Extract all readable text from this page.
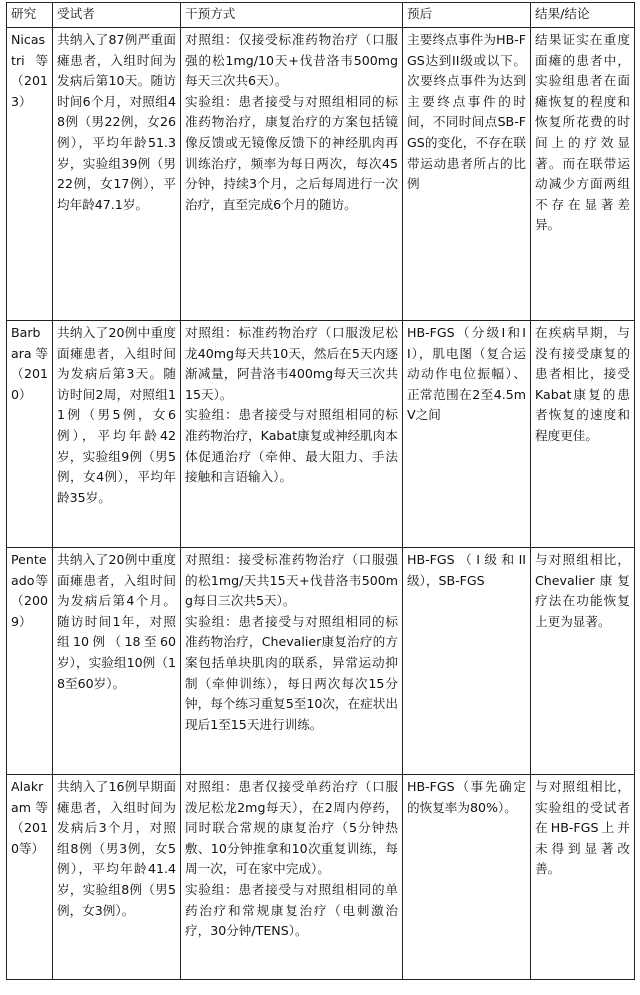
研究	受试者	干预方式	预后	结果/结论
Nicastri等（2013）	共纳入了87例严重面瘫患者，入组时间为发病后第10天。随访时间6个月，对照组48例（男22例，女26例），平均年龄51.3岁，实验组39例（男22例，女17例），平均年龄47.1岁。	对照组：仅接受标准药物治疗（口服强的松1mg/10天+伐昔洛韦500mg每天三次共6天）。
实验组：患者接受与对照组相同的标准药物治疗，康复治疗的方案包括镜像反馈或无镜像反馈下的神经肌肉再训练治疗，频率为每日两次，每次45分钟，持续3个月，之后每周进行一次治疗，直至完成6个月的随访。	主要终点事件为HB-FGS达到II级或以下。次要终点事件为达到主要终点事件的时间，不同时间点SB-FGS的变化，不存在联带运动患者所占的比例	结果证实在重度面瘫的患者中，实验组患者在面瘫恢复的程度和恢复所花费的时间上的疗效显著。而在联带运动减少方面两组不存在显著差异。
Barbara等（2010）	共纳入了20例中重度面瘫患者，入组时间为发病后第3天。随访时间2周，对照组11例（男5例，女6例），平均年龄42岁，实验组9例（男5例，女4例），平均年龄35岁。	对照组：标准药物治疗（口服泼尼松龙40mg每天共10天，然后在5天内逐渐减量，阿昔洛韦400mg每天三次共15天）。
实验组：患者接受与对照组相同的标准药物治疗，Kabat康复或神经肌肉本体促通治疗（牵伸、最大阻力、手法接触和言语输入）。	HB-FGS（分级I和II），肌电图（复合运动动作电位振幅）、正常范围在2至4.5mV之间	在疾病早期，与没有接受康复的患者相比，接受Kabat康复的患者恢复的速度和程度更佳。
Penteado等（2009）	共纳入了20例中重度面瘫患者，入组时间为发病后第4个月。随访时间1年，对照组10例（18至60岁），实验组10例（18至60岁）。	对照组：接受标准药物治疗（口服强的松1mg/天共15天+伐昔洛韦500mg每日三次共5天）。
实验组：患者接受与对照组相同的标准药物治疗，Chevalier康复治疗的方案包括单块肌肉的联系，异常运动抑制（牵伸训练），每日两次每次15分钟，每个练习重复5至10次，在症状出现后1至15天进行训练。	HB-FGS（I级和II级），SB-FGS	与对照组相比，Chevalier康复疗法在功能恢复上更为显著。
Alakram等（2010等）	共纳入了16例早期面瘫患者，入组时间为发病后3个月，对照组8例（男3例，女5例），平均年龄41.4岁，实验组8例（男5例，女3例）。	对照组：患者仅接受单药治疗（口服泼尼松龙2mg每天），在2周内停药，同时联合常规的康复治疗（5分钟热敷、10分钟推拿和10次重复训练，每周一次，可在家中完成）。
实验组：患者接受与对照组相同的单药治疗和常规康复治疗（电刺激治疗，30分钟/TENS）。	HB-FGS（事先确定的恢复率为80%）。	与对照组相比，实验组的受试者在HB-FGS上并未得到显著改善。
